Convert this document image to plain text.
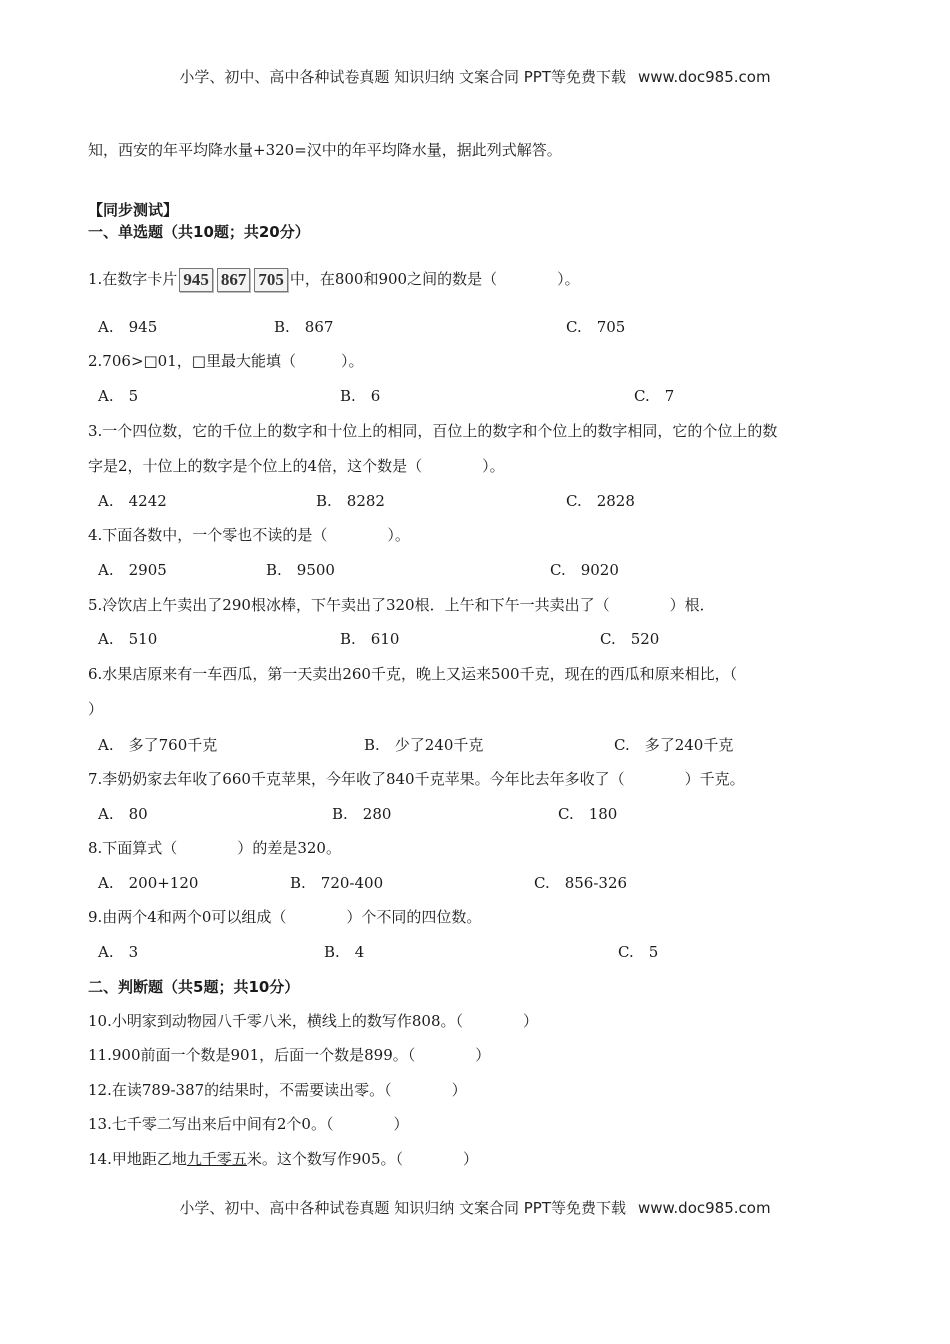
小学、初中、高中各种试卷真题 知识归纳 文案合同 PPT等免费下载 www.doc985.com
知，西安的年平均降水量+320=汉中的年平均降水量，据此列式解答。
【同步测试】
一、单选题（共10题；共20分）
1.在数字卡片 945 867 705 中，在800和900之间的数是（　　　　）。
A.　945	B.　867	C.　705
2.706>□01，□里最大能填（　　　）。
A.　5	B.　6	C.　7
3.一个四位数，它的千位上的数字和十位上的相同，百位上的数字和个位上的数字相同，它的个位上的数
字是2，十位上的数字是个位上的4倍，这个数是（　　　　）。
A.　4242	B.　8282	C.　2828
4.下面各数中，一个零也不读的是（　　　　）。
A.　2905	B.　9500	C.　9020
5.冷饮店上午卖出了290根冰棒，下午卖出了320根．上午和下午一共卖出了（　　　　）根．
A.　510	B.　610	C.　520
6.水果店原来有一车西瓜，第一天卖出260千克，晚上又运来500千克，现在的西瓜和原来相比，（
）
A.　多了760千克	B.　少了240千克	C.　多了240千克
7.李奶奶家去年收了660千克苹果，今年收了840千克苹果。今年比去年多收了（　　　　）千克。
A.　80	B.　280	C.　180
8.下面算式（　　　　）的差是320。
A.　200+120	B.　720-400	C.　856-326
9.由两个4和两个0可以组成（　　　　）个不同的四位数。
A.　3	B.　4	C.　5
二、判断题（共5题；共10分）
10.小明家到动物园八千零八米，横线上的数写作808。（　　　　）
11.900前面一个数是901，后面一个数是899。（　　　　）
12.在读789-387的结果时，不需要读出零。（　　　　）
13.七千零二写出来后中间有2个0。（　　　　）
14.甲地距乙地九千零五米。这个数写作905。（　　　　）
小学、初中、高中各种试卷真题 知识归纳 文案合同 PPT等免费下载 www.doc985.com
